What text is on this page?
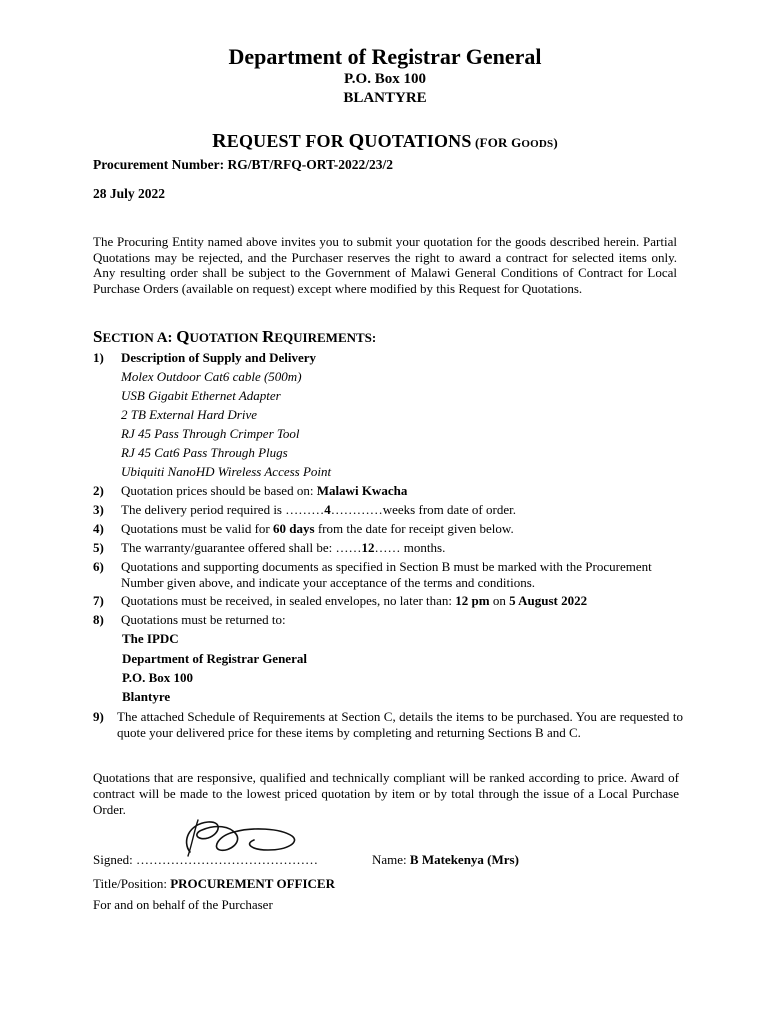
Department of Registrar General
P.O. Box 100
BLANTYRE
REQUEST FOR QUOTATIONS (FOR GOODS)
Procurement Number: RG/BT/RFQ-ORT-2022/23/2
28 July 2022
The Procuring Entity named above invites you to submit your quotation for the goods described herein. Partial Quotations may be rejected, and the Purchaser reserves the right to award a contract for selected items only. Any resulting order shall be subject to the Government of Malawi General Conditions of Contract for Local Purchase Orders (available on request) except where modified by this Request for Quotations.
SECTION A: QUOTATION REQUIREMENTS:
1) Description of Supply and Delivery
Molex Outdoor Cat6 cable (500m)
USB Gigabit Ethernet Adapter
2 TB External Hard Drive
RJ 45 Pass Through Crimper Tool
RJ 45 Cat6 Pass Through Plugs
Ubiquiti NanoHD Wireless Access Point
2) Quotation prices should be based on: Malawi Kwacha
3) The delivery period required is ………4…………weeks from date of order.
4) Quotations must be valid for 60 days from the date for receipt given below.
5) The warranty/guarantee offered shall be: ……12…… months.
6) Quotations and supporting documents as specified in Section B must be marked with the Procurement Number given above, and indicate your acceptance of the terms and conditions.
7) Quotations must be received, in sealed envelopes, no later than: 12 pm on 5 August 2022
8) Quotations must be returned to:
The IPDC
Department of Registrar General
P.O. Box 100
Blantyre
9) The attached Schedule of Requirements at Section C, details the items to be purchased. You are requested to quote your delivered price for these items by completing and returning Sections B and C.
Quotations that are responsive, qualified and technically compliant will be ranked according to price. Award of contract will be made to the lowest priced quotation by item or by total through the issue of a Local Purchase Order.
Signed: ……………………………………	Name: B Matekenya (Mrs)
Title/Position: PROCUREMENT OFFICER
For and on behalf of the Purchaser
